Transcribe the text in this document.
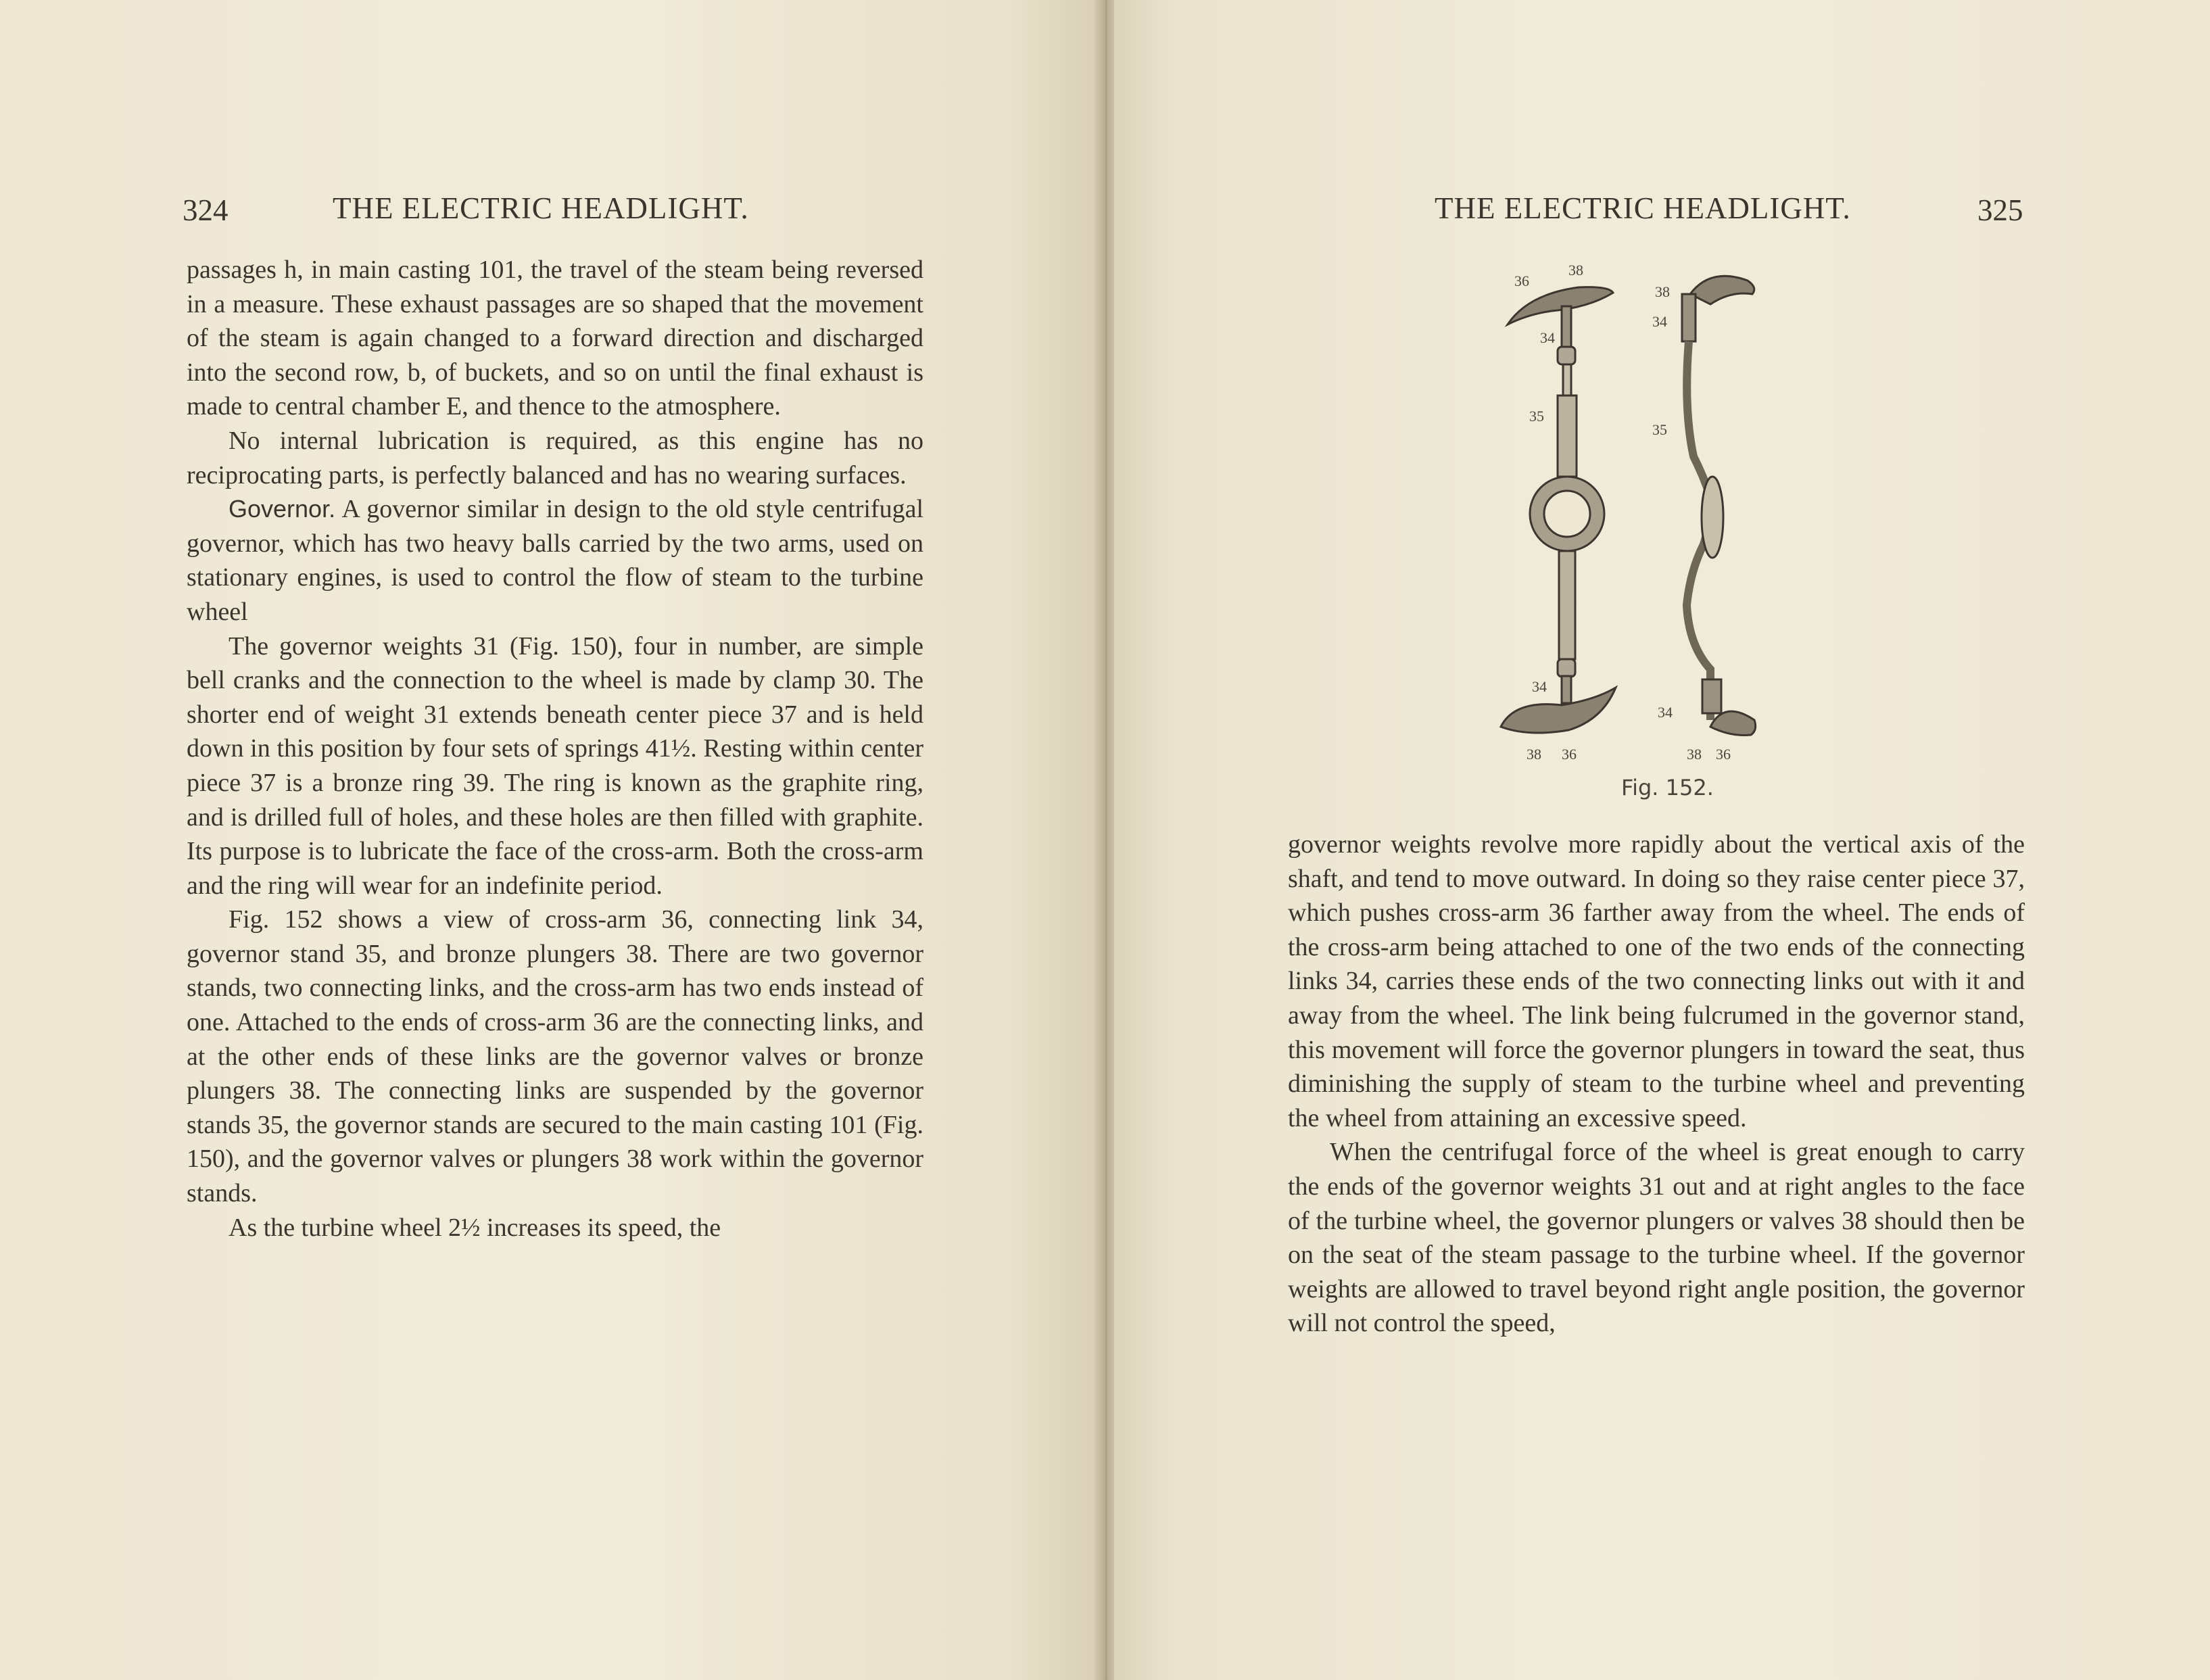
324	THE ELECTRIC HEADLIGHT.

passages h, in main casting 101, the travel of the steam being reversed in a measure. These exhaust passages are so shaped that the movement of the steam is again changed to a forward direction and discharged into the second row, b, of buckets, and so on until the final exhaust is made to central chamber E, and thence to the atmosphere.

No internal lubrication is required, as this engine has no reciprocating parts, is perfectly balanced and has no wearing surfaces.

Governor. A governor similar in design to the old style centrifugal governor, which has two heavy balls carried by the two arms, used on stationary engines, is used to control the flow of steam to the turbine wheel

The governor weights 31 (Fig. 150), four in number, are simple bell cranks and the connection to the wheel is made by clamp 30. The shorter end of weight 31 extends beneath center piece 37 and is held down in this position by four sets of springs 41½. Resting within center piece 37 is a bronze ring 39. The ring is known as the graphite ring, and is drilled full of holes, and these holes are then filled with graphite. Its purpose is to lubricate the face of the cross-arm. Both the cross-arm and the ring will wear for an indefinite period.

Fig. 152 shows a view of cross-arm 36, connecting link 34, governor stand 35, and bronze plungers 38. There are two governor stands, two connecting links, and the cross-arm has two ends instead of one. Attached to the ends of cross-arm 36 are the connecting links, and at the other ends of these links are the governor valves or bronze plungers 38. The connecting links are suspended by the governor stands 35, the governor stands are secured to the main casting 101 (Fig. 150), and the governor valves or plungers 38 work within the governor stands.

As the turbine wheel 2½ increases its speed, the

THE ELECTRIC HEADLIGHT.	325
36
38
34
35
34
38 36
38
34
35
34
38 36
Fig. 152.

governor weights revolve more rapidly about the vertical axis of the shaft, and tend to move outward. In doing so they raise center piece 37, which pushes cross-arm 36 farther away from the wheel. The ends of the cross-arm being attached to one of the two ends of the connecting links 34, carries these ends of the two connecting links out with it and away from the wheel. The link being fulcrumed in the governor stand, this movement will force the governor plungers in toward the seat, thus diminishing the supply of steam to the turbine wheel and preventing the wheel from attaining an excessive speed.

When the centrifugal force of the wheel is great enough to carry the ends of the governor weights 31 out and at right angles to the face of the turbine wheel, the governor plungers or valves 38 should then be on the seat of the steam passage to the turbine wheel. If the governor weights are allowed to travel beyond right angle position, the governor will not control the speed,
